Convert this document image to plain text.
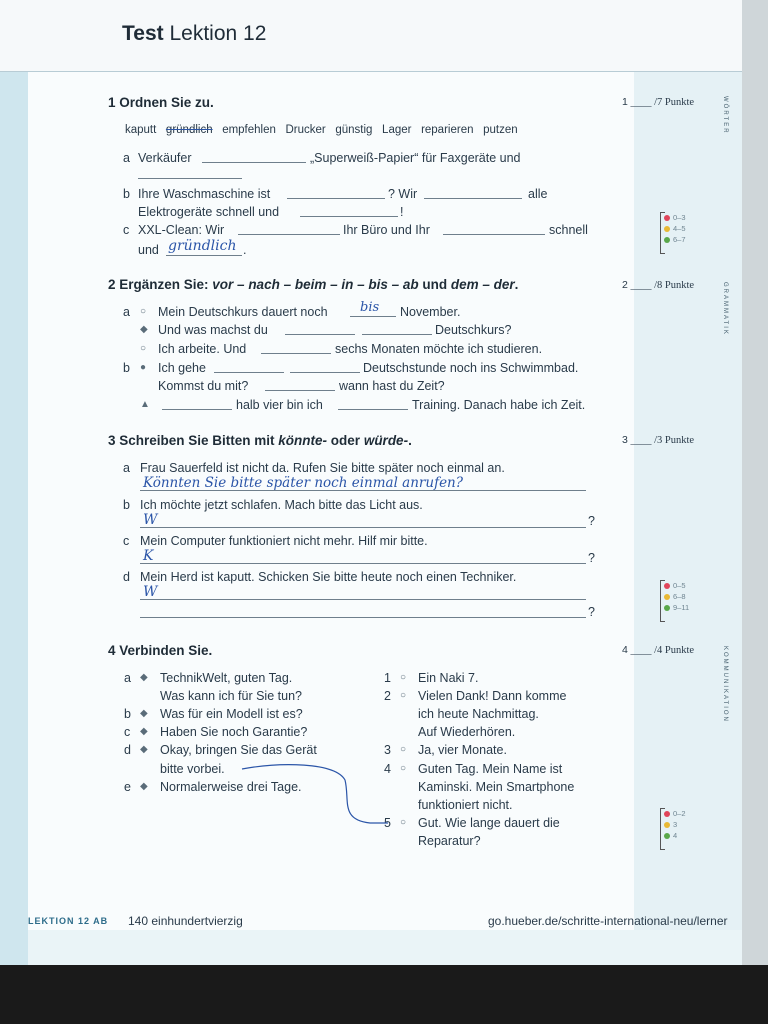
Test Lektion 12
1 Ordnen Sie zu.	1 ____ /7 Punkte
kaputt gründlich empfehlen Drucker günstig Lager reparieren putzen
a Verkäufer	„Superweiß-Papier“ für Faxgeräte und
b Ihre Waschmaschine ist	? Wir	alle
Elektrogeräte schnell und	!
c XXL-Clean: Wir	Ihr Büro und Ihr	schnell
und gründlich .
2 Ergänzen Sie: vor – nach – beim – in – bis – ab und dem – der.	2 ____ /8 Punkte
a ○ Mein Deutschkurs dauert noch bis November.
◆ Und was machst du	Deutschkurs?
○ Ich arbeite. Und	sechs Monaten möchte ich studieren.
b ● Ich gehe	Deutschstunde noch ins Schwimmbad.
Kommst du mit?	wann hast du Zeit?
▲	halb vier bin ich	Training. Danach habe ich Zeit.
3 Schreiben Sie Bitten mit könnte- oder würde-.	3 ____ /3 Punkte
a Frau Sauerfeld ist nicht da. Rufen Sie bitte später noch einmal an.
Könnten Sie bitte später noch einmal anrufen?
b Ich möchte jetzt schlafen. Mach bitte das Licht aus.
W	?
c Mein Computer funktioniert nicht mehr. Hilf mir bitte.
K	?
d Mein Herd ist kaputt. Schicken Sie bitte heute noch einen Techniker.
W
?
4 Verbinden Sie.	4 ____ /4 Punkte
a ◆ TechnikWelt, guten Tag.
Was kann ich für Sie tun?
b ◆ Was für ein Modell ist es?
c ◆ Haben Sie noch Garantie?
d ◆ Okay, bringen Sie das Gerät
bitte vorbei.
e ◆ Normalerweise drei Tage.
1 ○ Ein Naki 7.
2 ○ Vielen Dank! Dann komme
ich heute Nachmittag.
Auf Wiederhören.
3 ○ Ja, vier Monate.
4 ○ Guten Tag. Mein Name ist
Kaminski. Mein Smartphone
funktioniert nicht.
5 ○ Gut. Wie lange dauert die
Reparatur?
WÖRTER
GRAMMATIK
KOMMUNIKATION
0–3
4–5
6–7
0–5
6–8
9–11
0–2
3
4
LEKTION 12 AB 140 einhundertvierzig	go.hueber.de/schritte-international-neu/lerner
